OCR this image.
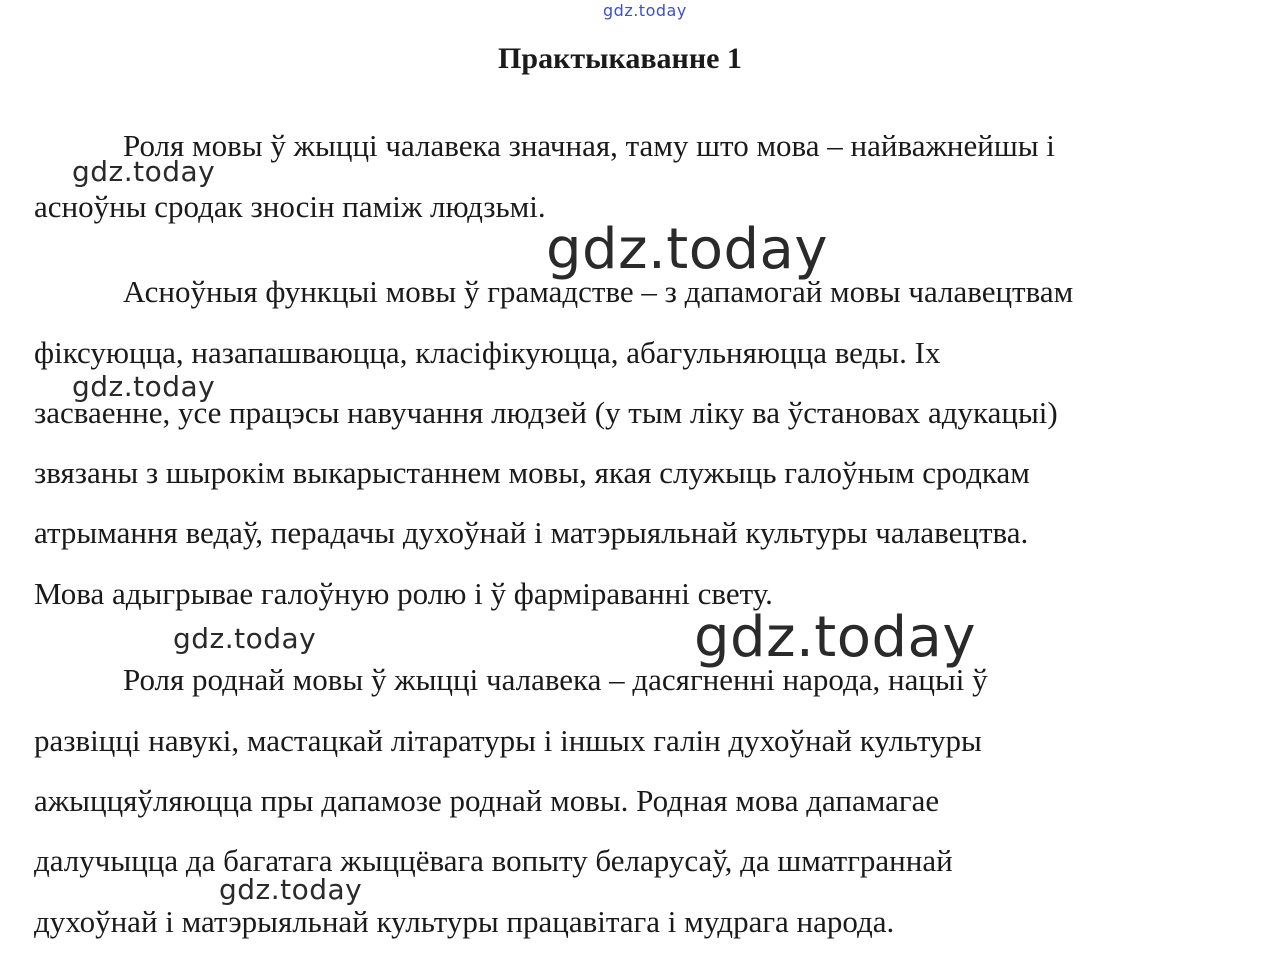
gdz.today
Практыкаванне 1
Роля мовы ў жыцці чалавека значная, таму што мова – найважнейшы і
асноўны сродак зносін паміж людзьмі.
Асноўныя функцыі мовы ў грамадстве – з дапамогай мовы чалавецтвам
фіксуюцца, назапашваюцца, класіфікуюцца, абагульняюцца веды. Іх
засваенне, усе працэсы навучання людзей (у тым ліку ва ўстановах адукацыі)
звязаны з шырокім выкарыстаннем мовы, якая служыць галоўным сродкам
атрымання ведаў, перадачы духоўнай і матэрыяльнай культуры чалавецтва.
Мова адыгрывае галоўную ролю і ў фарміраванні свету.
Роля роднай мовы ў жыцці чалавека – дасягненні народа, нацыі ў
развіцці навукі, мастацкай літаратуры і іншых галін духоўнай культуры
ажыццяўляюцца пры дапамозе роднай мовы. Родная мова дапамагае
далучыцца да багатага жыццёвага вопыту беларусаў, да шматграннай
духоўнай і матэрыяльнай культуры працавітага і мудрага народа.
gdz.today
gdz.today
gdz.today
gdz.today	gdz.today
gdz.today
